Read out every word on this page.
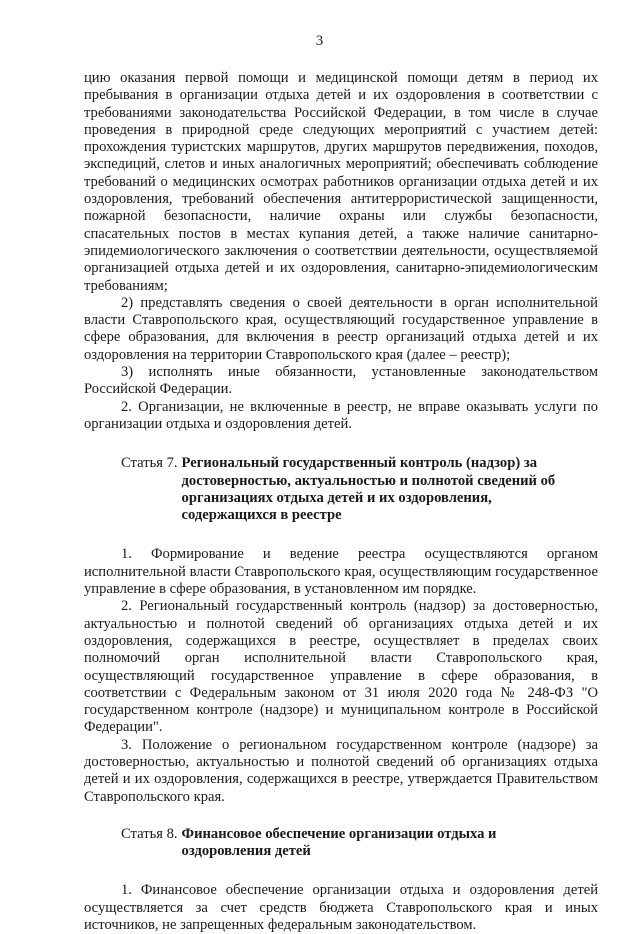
3

цию оказания первой помощи и медицинской помощи детям в период их пребывания в организации отдыха детей и их оздоровления в соответствии с требованиями законодательства Российской Федерации, в том числе в случае проведения в природной среде следующих мероприятий с участием детей: прохождения туристских маршрутов, других маршрутов передвижения, походов, экспедиций, слетов и иных аналогичных мероприятий; обеспечивать соблюдение требований о медицинских осмотрах работников организации отдыха детей и их оздоровления, требований обеспечения антитеррористической защищенности, пожарной безопасности, наличие охраны или службы безопасности, спасательных постов в местах купания детей, а также наличие санитарно-эпидемиологического заключения о соответствии деятельности, осуществляемой организацией отдыха детей и их оздоровления, санитарно-эпидемиологическим требованиям;

2) представлять сведения о своей деятельности в орган исполнительной власти Ставропольского края, осуществляющий государственное управление в сфере образования, для включения в реестр организаций отдыха детей и их оздоровления на территории Ставропольского края (далее – реестр);

3) исполнять иные обязанности, установленные законодательством Российской Федерации.

2. Организации, не включенные в реестр, не вправе оказывать услуги по организации отдыха и оздоровления детей.

Статья 7. Региональный государственный контроль (надзор) за достоверностью, актуальностью и полнотой сведений об организациях отдыха детей и их оздоровления, содержащихся в реестре

1. Формирование и ведение реестра осуществляются органом исполнительной власти Ставропольского края, осуществляющим государственное управление в сфере образования, в установленном им порядке.

2. Региональный государственный контроль (надзор) за достоверностью, актуальностью и полнотой сведений об организациях отдыха детей и их оздоровления, содержащихся в реестре, осуществляет в пределах своих полномочий орган исполнительной власти Ставропольского края, осуществляющий государственное управление в сфере образования, в соответствии с Федеральным законом от 31 июля 2020 года № 248-ФЗ "О государственном контроле (надзоре) и муниципальном контроле в Российской Федерации".

3. Положение о региональном государственном контроле (надзоре) за достоверностью, актуальностью и полнотой сведений об организациях отдыха детей и их оздоровления, содержащихся в реестре, утверждается Правительством Ставропольского края.

Статья 8. Финансовое обеспечение организации отдыха и оздоровления детей

1. Финансовое обеспечение организации отдыха и оздоровления детей осуществляется за счет средств бюджета Ставропольского края и иных источников, не запрещенных федеральным законодательством.
